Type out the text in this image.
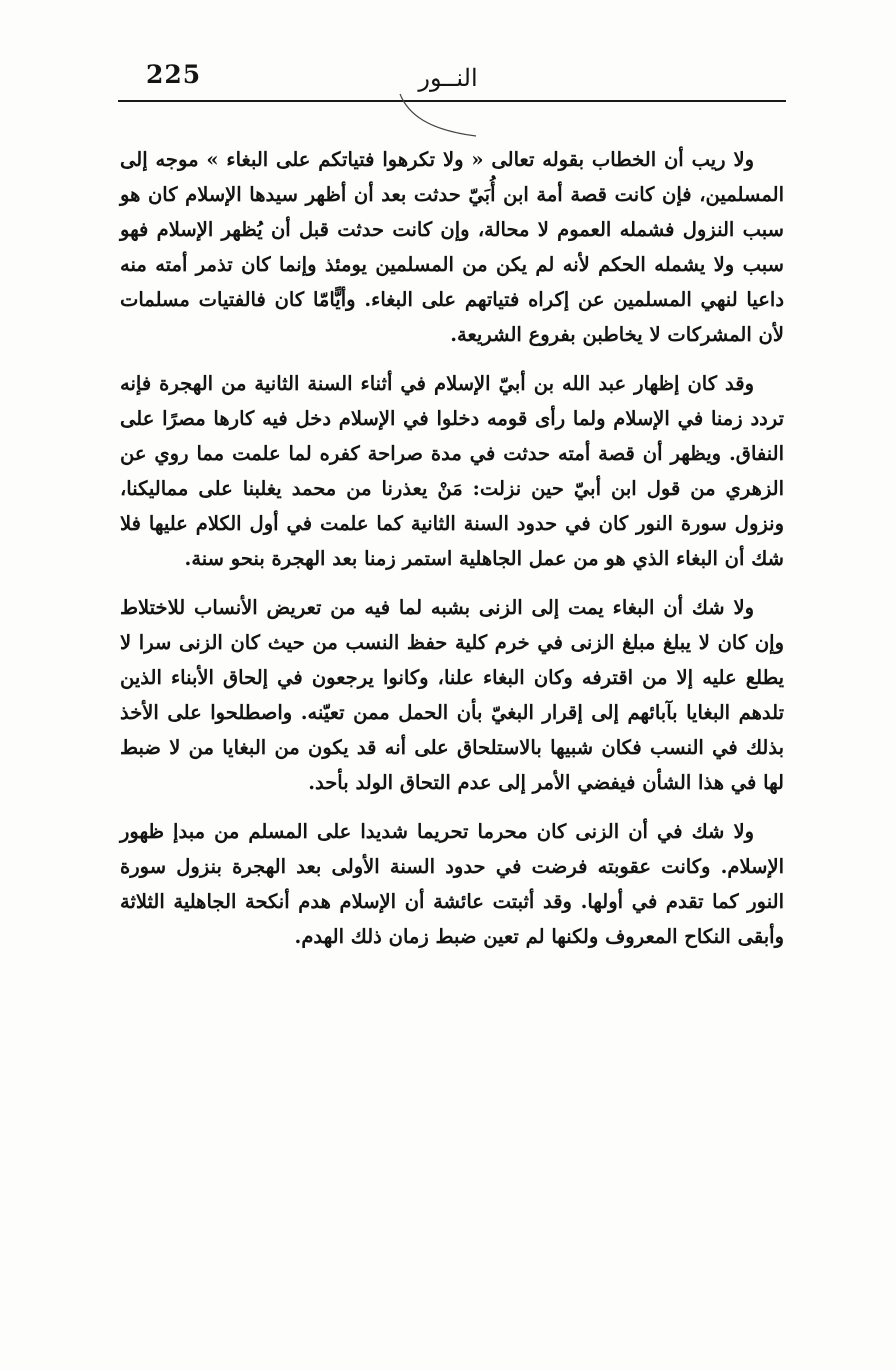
225	النــور

ولا ريب أن الخطاب بقوله تعالى « ولا تكرهوا فتياتكم على البغاء » موجه إلى المسلمين، فإن كانت قصة أمة ابن أُبَيّ حدثت بعد أن أظهر سيدها الإسلام كان هو سبب النزول فشمله العموم لا محالة، وإن كانت حدثت قبل أن يُظهر الإسلام فهو سبب ولا يشمله الحكم لأنه لم يكن من المسلمين يومئذ وإنما كان تذمر أمته منه داعيا لنهي المسلمين عن إكراه فتياتهم على البغاء. وأيًّامّا كان فالفتيات مسلمات لأن المشركات لا يخاطبن بفروع الشريعة.

وقد كان إظهار عبد الله بن أبيّ الإسلام في أثناء السنة الثانية من الهجرة فإنه تردد زمنا في الإسلام ولما رأى قومه دخلوا في الإسلام دخل فيه كارها مصرًا على النفاق. ويظهر أن قصة أمته حدثت في مدة صراحة كفره لما علمت مما روي عن الزهري من قول ابن أبيّ حين نزلت: مَنْ يعذرنا من محمد يغلبنا على مماليكنا، ونزول سورة النور كان في حدود السنة الثانية كما علمت في أول الكلام عليها فلا شك أن البغاء الذي هو من عمل الجاهلية استمر زمنا بعد الهجرة بنحو سنة.

ولا شك أن البغاء يمت إلى الزنى بشبه لما فيه من تعريض الأنساب للاختلاط وإن كان لا يبلغ مبلغ الزنى في خرم كلية حفظ النسب من حيث كان الزنى سرا لا يطلع عليه إلا من اقترفه وكان البغاء علنا، وكانوا يرجعون في إلحاق الأبناء الذين تلدهم البغايا بآبائهم إلى إقرار البغيّ بأن الحمل ممن تعيّنه. واصطلحوا على الأخذ بذلك في النسب فكان شبيها بالاستلحاق على أنه قد يكون من البغايا من لا ضبط لها في هذا الشأن فيفضي الأمر إلى عدم التحاق الولد بأحد.

ولا شك في أن الزنى كان محرما تحريما شديدا على المسلم من مبدإ ظهور الإسلام. وكانت عقوبته فرضت في حدود السنة الأولى بعد الهجرة بنزول سورة النور كما تقدم في أولها. وقد أثبتت عائشة أن الإسلام هدم أنكحة الجاهلية الثلاثة وأبقى النكاح المعروف ولكنها لم تعين ضبط زمان ذلك الهدم.
